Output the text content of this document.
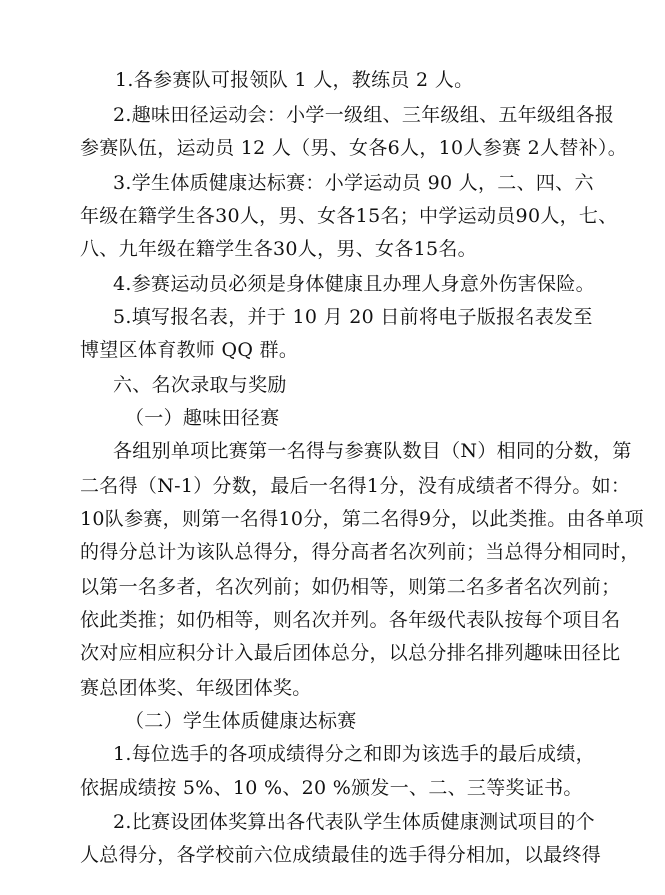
1.各参赛队可报领队 1 人，教练员 2 人。
2.趣味田径运动会：小学一级组、三年级组、五年级组各报
参赛队伍，运动员 12 人（男、女各6人，10人参赛 2人替补）。
3.学生体质健康达标赛：小学运动员 90 人，二、四、六
年级在籍学生各30人，男、女各15名；中学运动员90人，七、
八、九年级在籍学生各30人，男、女各15名。
4.参赛运动员必须是身体健康且办理人身意外伤害保险。
5.填写报名表，并于 10 月 20 日前将电子版报名表发至
博望区体育教师 QQ 群。
六、名次录取与奖励
（一）趣味田径赛
各组别单项比赛第一名得与参赛队数目（N）相同的分数，第
二名得（N-1）分数，最后一名得1分，没有成绩者不得分。如：
10队参赛，则第一名得10分，第二名得9分，以此类推。由各单项
的得分总计为该队总得分，得分高者名次列前；当总得分相同时，
以第一名多者，名次列前；如仍相等，则第二名多者名次列前；
依此类推；如仍相等，则名次并列。各年级代表队按每个项目名
次对应相应积分计入最后团体总分，以总分排名排列趣味田径比
赛总团体奖、年级团体奖。
（二）学生体质健康达标赛
1.每位选手的各项成绩得分之和即为该选手的最后成绩，
依据成绩按 5%、10 %、20 %颁发一、二、三等奖证书。
2.比赛设团体奖算出各代表队学生体质健康测试项目的个
人总得分，各学校前六位成绩最佳的选手得分相加，以最终得
